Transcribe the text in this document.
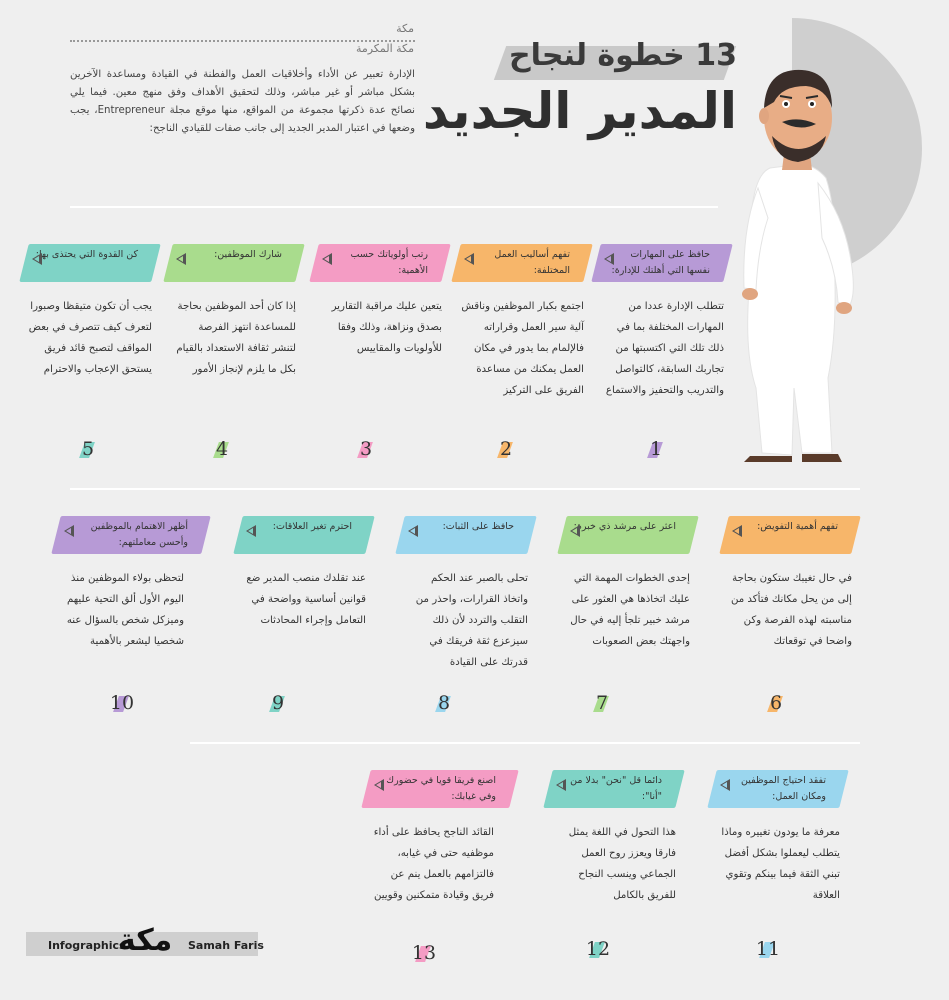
مكة
مكة المكرمة
الإدارة تعبير عن الأداء وأخلاقيات العمل والفطنة في القيادة ومساعدة الآخرين بشكل مباشر أو غير مباشر، وذلك لتحقيق الأهداف وفق منهج معين. فيما يلي نصائح عدة ذكرتها مجموعة من المواقع، منها موقع مجلة Entrepreneur، يجب وضعها في اعتبار المدير الجديد إلى جانب صفات للقيادي الناجح:
13 خطوة لنجاح
المدير الجديد
حافظ على المهارات نفسها التي أهلتك للإدارة:
تتطلب الإدارة عددا من المهارات المختلفة بما في ذلك تلك التي اكتسبتها من تجاربك السابقة، كالتواصل والتدريب والتحفيز والاستماع
1
تفهم أساليب العمل المختلفة:
اجتمع بكبار الموظفين وناقش آلية سير العمل وقراراته فالإلمام بما يدور في مكان العمل يمكنك من مساعدة الفريق على التركيز
2
رتب أولوياتك حسب الأهمية:
يتعين عليك مراقبة التقارير بصدق ونزاهة، وذلك وفقا للأولويات والمقاييس
3
شارك الموظفين:
إذا كان أحد الموظفين بحاجة للمساعدة انتهز الفرصة لتنشر ثقافة الاستعداد بالقيام بكل ما يلزم لإنجاز الأمور
4
كن القدوة التي يحتذى بها:
يجب أن تكون متيقظا وصبورا لتعرف كيف تتصرف في بعض المواقف لتصبح قائد فريق يستحق الإعجاب والاحترام
5
تفهم أهمية التفويض:
في حال تغيبك ستكون بحاجة إلى من يحل مكانك فتأكد من مناسبته لهذه الفرصة وكن واضحا في توقعاتك
6
اعثر على مرشد ذي خبرة:
إحدى الخطوات المهمة التي عليك اتخاذها هي العثور على مرشد خبير تلجأ إليه في حال واجهتك بعض الصعوبات
7
حافظ على الثبات:
تحلى بالصبر عند الحكم واتخاذ القرارات، واحذر من التقلب والتردد لأن ذلك سيزعزع ثقة فريقك في قدرتك على القيادة
8
احترم تغير العلاقات:
عند تقلدك منصب المدير ضع قوانين أساسية وواضحة في التعامل وإجراء المحادثات
9
أظهر الاهتمام بالموظفين وأحسن معاملتهم:
لتحظى بولاء الموظفين منذ اليوم الأول ألق التحية عليهم وميزكل شخص بالسؤال عنه شخصيا ليشعر بالأهمية
10
تفقد احتياج الموظفين ومكان العمل:
معرفة ما يودون تغييره وماذا يتطلب ليعملوا بشكل أفضل تبني الثقة فيما بينكم وتقوي العلاقة
11
دائما قل "نحن" بدلا من "أنا":
هذا التحول في اللغة يمثل فارقا ويعزز روح العمل الجماعي وينسب النجاح للفريق بالكامل
12
اصنع فريقا قويا في حضورك وفي غيابك:
القائد الناجح يحافظ على أداء موظفيه حتى في غيابه، فالتزامهم بالعمل ينم عن فريق وقيادة متمكنين وقويين
13
Infographics
مكة Samah Faris
